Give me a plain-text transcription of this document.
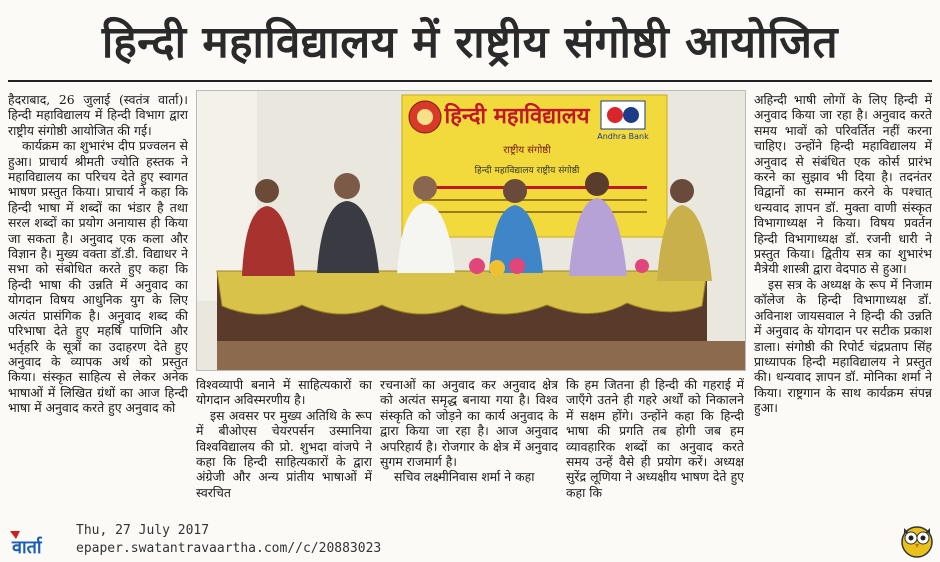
हिन्दी महाविद्यालय में राष्ट्रीय संगोष्ठी आयोजित

हैदराबाद, 26 जुलाई (स्वतंत्र वार्ता)। हिन्दी महाविद्यालय में हिन्दी विभाग द्वारा राष्ट्रीय संगोष्ठी आयोजित की गई।

कार्यक्रम का शुभारंभ दीप प्रज्वलन से हुआ। प्राचार्य श्रीमती ज्योति हस्तक ने महाविद्यालय का परिचय देते हुए स्वागत भाषण प्रस्तुत किया। प्राचार्य ने कहा कि हिन्दी भाषा में शब्दों का भंडार है तथा सरल शब्दों का प्रयोग अनायास ही किया जा सकता है। अनुवाद एक कला और विज्ञान है। मुख्य वक्ता डॉ.डी. विद्याधर ने सभा को संबोधित करते हुए कहा कि हिन्दी भाषा की उन्नति में अनुवाद का योगदान विषय आधुनिक युग के लिए अत्यंत प्रासंगिक है। अनुवाद शब्द की परिभाषा देते हुए महर्षि पाणिनि और भर्तृहरि के सूत्रों का उदाहरण देते हुए अनुवाद के व्यापक अर्थ को प्रस्तुत किया। संस्कृत साहित्य से लेकर अनेक भाषाओं में लिखित ग्रंथों का आज हिन्दी भाषा में अनुवाद करते हुए अनुवाद को

Andhra Bank
हिन्दी महाविद्यालय
राष्ट्रीय संगोष्ठी
हिन्दी महाविद्यालय राष्ट्रीय संगोष्ठी

विश्वव्यापी बनाने में साहित्यकारों का योगदान अविस्मरणीय है।

इस अवसर पर मुख्य अतिथि के रूप में बीओएस चेयरपर्सन उस्मानिया विश्वविद्यालय की प्रो. शुभदा वांजपे ने कहा कि हिन्दी साहित्यकारों के द्वारा अंग्रेजी और अन्य प्रांतीय भाषाओं में स्वरचित

रचनाओं का अनुवाद कर अनुवाद क्षेत्र को अत्यंत समृद्ध बनाया गया है। विश्व संस्कृति को जोड़ने का कार्य अनुवाद के द्वारा किया जा रहा है। आज अनुवाद अपरिहार्य है। रोजगार के क्षेत्र में अनुवाद सुगम राजमार्ग है।

सचिव लक्ष्मीनिवास शर्मा ने कहा

कि हम जितना ही हिन्दी की गहराई में जाएँगे उतने ही गहरे अर्थों को निकालने में सक्षम होंगे। उन्होंने कहा कि हिन्दी भाषा की प्रगति तब होगी जब हम व्यावहारिक शब्दों का अनुवाद करते समय उन्हें वैसे ही प्रयोग करें। अध्यक्ष सुरेंद्र लूणिया ने अध्यक्षीय भाषण देते हुए कहा कि

अहिन्दी भाषी लोगों के लिए हिन्दी में अनुवाद किया जा रहा है। अनुवाद करते समय भावों को परिवर्तित नहीं करना चाहिए। उन्होंने हिन्दी महाविद्यालय में अनुवाद से संबंधित एक कोर्स प्रारंभ करने का सुझाव भी दिया है। तदनंतर विद्वानों का सम्मान करने के पश्चात्‌ धन्यवाद ज्ञापन डॉ. मुक्ता वाणी संस्कृत विभागाध्यक्ष ने किया। विषय प्रवर्तन हिन्दी विभागाध्यक्ष डॉ. रजनी धारी ने प्रस्तुत किया। द्वितीय सत्र का शुभारंभ मैत्रेयी शास्त्री द्वारा वेदपाठ से हुआ।

इस सत्र के अध्यक्ष के रूप में निजाम कॉलेज के हिन्दी विभागाध्यक्ष डॉ. अविनाश जायसवाल ने हिन्दी की उन्नति में अनुवाद के योगदान पर सटीक प्रकाश डाला। संगोष्ठी की रिपोर्ट चंद्रप्रताप सिंह प्राध्यापक हिन्दी महाविद्यालय ने प्रस्तुत की। धन्यवाद ज्ञापन डॉ. मोनिका शर्मा ने किया। राष्ट्रगान के साथ कार्यक्रम संपन्न हुआ।

वार्ता
Thu, 27 July 2017
epaper.swatantravaartha.com//c/20883023
